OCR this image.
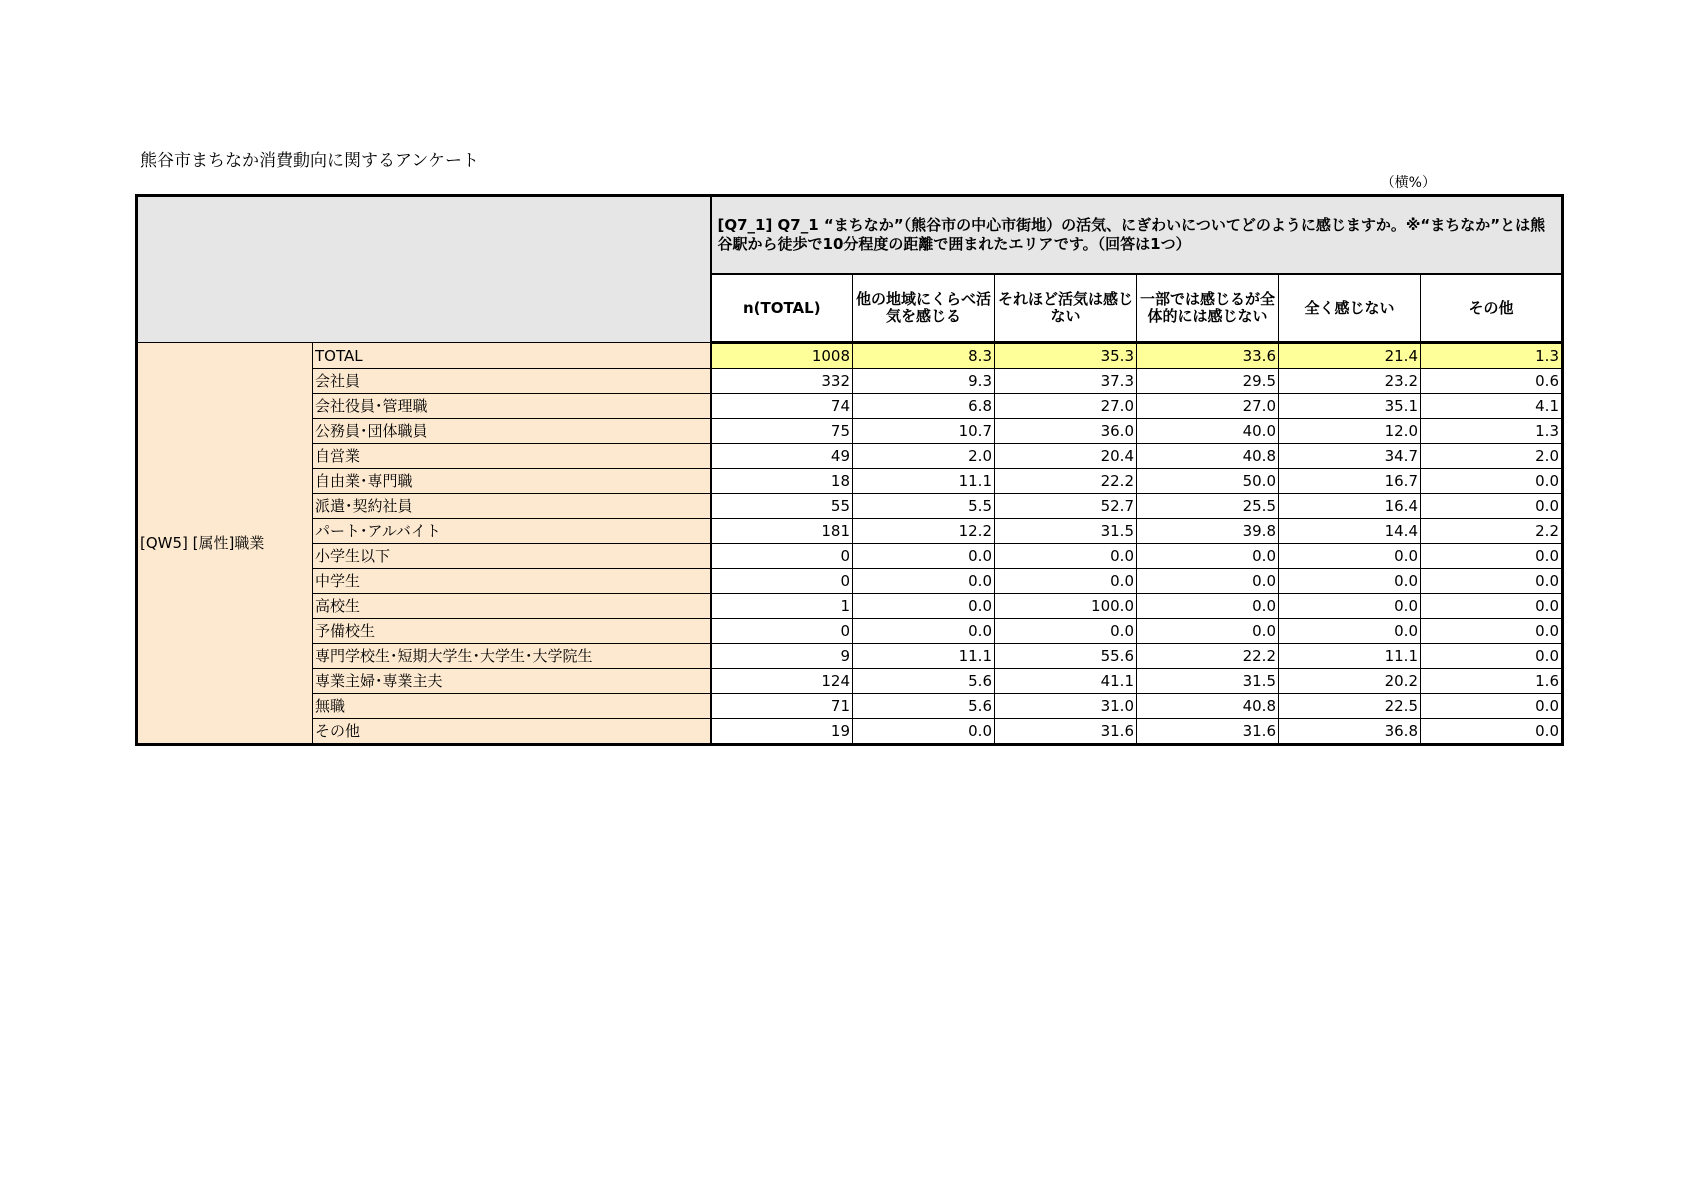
熊谷市まちなか消費動向に関するアンケート
（横%）
		[Q7_1] Q7_1 “まちなか”（熊谷市の中心市街地）の活気、にぎわいについてどのように感じますか。※“まちなか”とは熊谷駅から徒歩で10分程度の距離で囲まれたエリアです。（回答は1つ）					
		n(TOTAL)	他の地域にくらべ活気を感じる	それほど活気は感じない	一部では感じるが全体的には感じない	全く感じない	その他
[QW5] [属性]職業	TOTAL	1008	8.3	35.3	33.6	21.4	1.3
	会社員	332	9.3	37.3	29.5	23.2	0.6
	会社役員･管理職	74	6.8	27.0	27.0	35.1	4.1
	公務員･団体職員	75	10.7	36.0	40.0	12.0	1.3
	自営業	49	2.0	20.4	40.8	34.7	2.0
	自由業･専門職	18	11.1	22.2	50.0	16.7	0.0
	派遣･契約社員	55	5.5	52.7	25.5	16.4	0.0
	パート･アルバイト	181	12.2	31.5	39.8	14.4	2.2
	小学生以下	0	0.0	0.0	0.0	0.0	0.0
	中学生	0	0.0	0.0	0.0	0.0	0.0
	高校生	1	0.0	100.0	0.0	0.0	0.0
	予備校生	0	0.0	0.0	0.0	0.0	0.0
	専門学校生･短期大学生･大学生･大学院生	9	11.1	55.6	22.2	11.1	0.0
	専業主婦･専業主夫	124	5.6	41.1	31.5	20.2	1.6
	無職	71	5.6	31.0	40.8	22.5	0.0
	その他	19	0.0	31.6	31.6	36.8	0.0
